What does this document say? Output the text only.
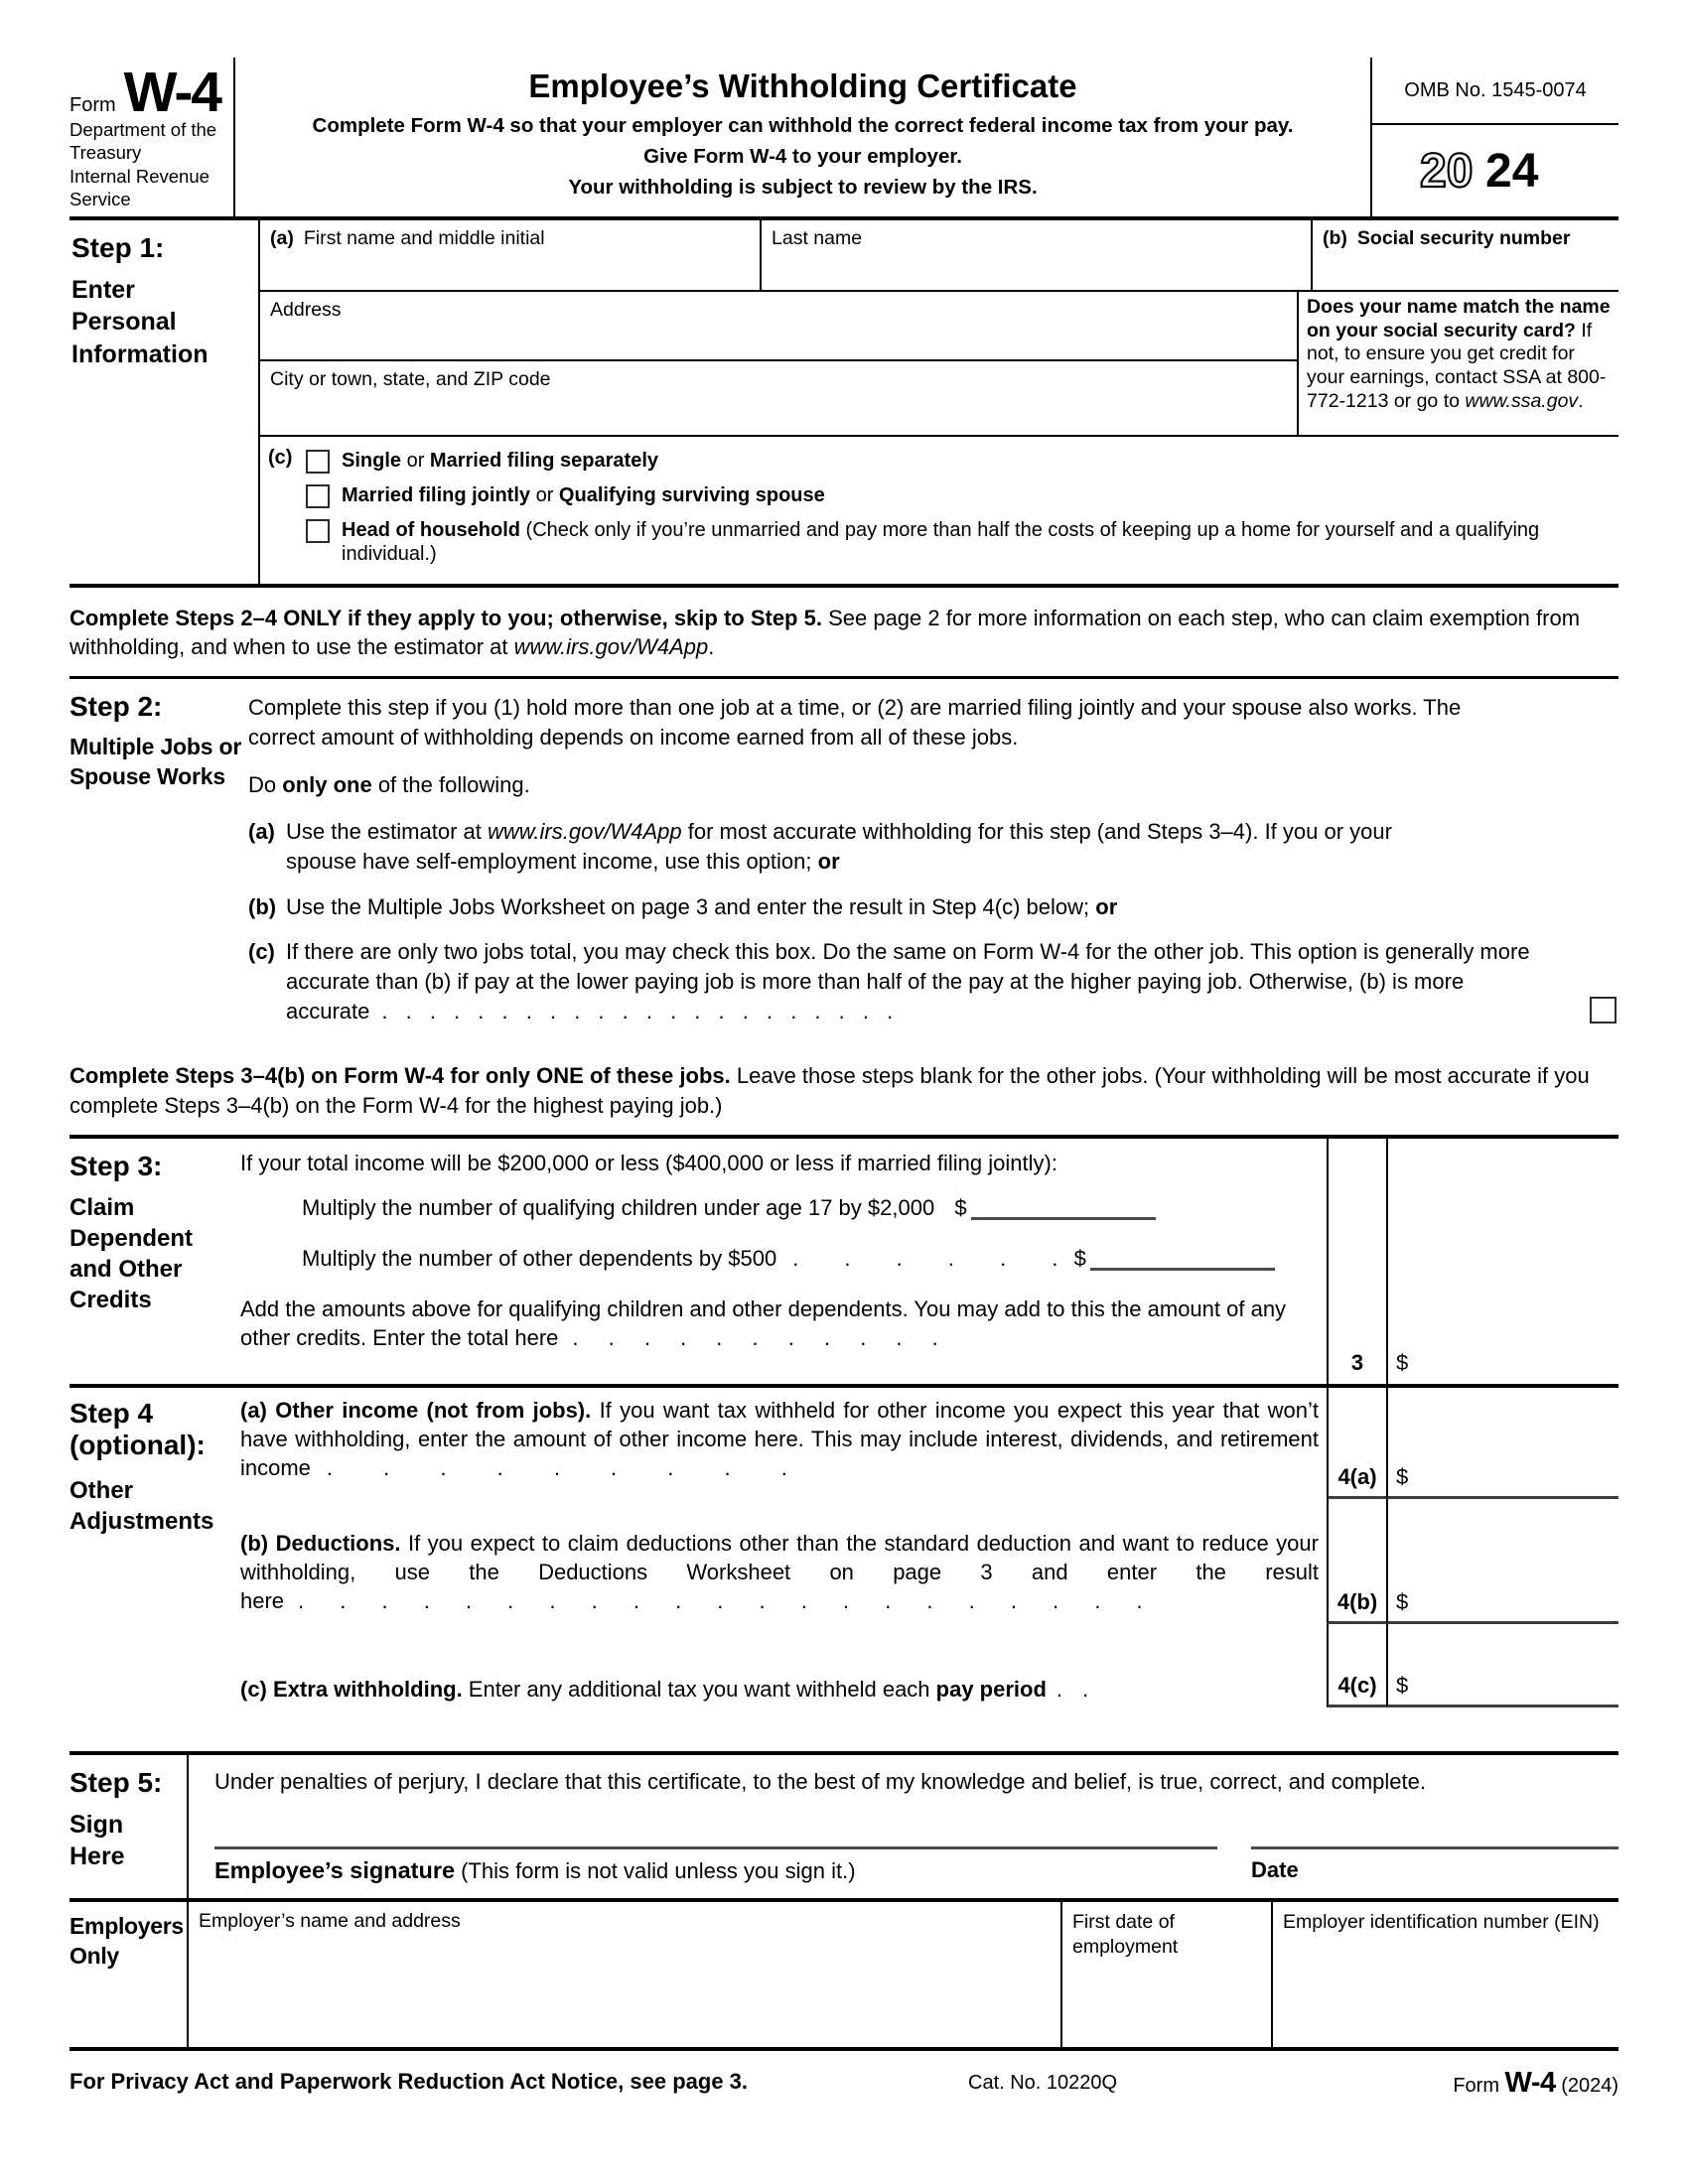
Form W-4
Department of the Treasury
Internal Revenue Service
Employee’s Withholding Certificate
Complete Form W-4 so that your employer can withhold the correct federal income tax from your pay.
Give Form W-4 to your employer.
Your withholding is subject to review by the IRS.
OMB No. 1545-0074
20 24
Step 1:
Enter Personal Information
(a) First name and middle initial	Last name	(b) Social security number
Address
City or town, state, and ZIP code
Does your name match the name on your social security card? If not, to ensure you get credit for your earnings, contact SSA at 800-772-1213 or go to www.ssa.gov.
(c)	Single or Married filing separately
Married filing jointly or Qualifying surviving spouse
Head of household (Check only if you’re unmarried and pay more than half the costs of keeping up a home for yourself and a qualifying individual.)
Complete Steps 2–4 ONLY if they apply to you; otherwise, skip to Step 5. See page 2 for more information on each step, who can claim exemption from withholding, and when to use the estimator at www.irs.gov/W4App.
Step 2:
Multiple Jobs or Spouse Works

Complete this step if you (1) hold more than one job at a time, or (2) are married filing jointly and your spouse also works. The correct amount of withholding depends on income earned from all of these jobs.

Do only one of the following.

(a) Use the estimator at www.irs.gov/W4App for most accurate withholding for this step (and Steps 3–4). If you or your spouse have self-employment income, use this option; or
(b) Use the Multiple Jobs Worksheet on page 3 and enter the result in Step 4(c) below; or
(c) If there are only two jobs total, you may check this box. Do the same on Form W-4 for the other job. This option is generally more accurate than (b) if pay at the lower paying job is more than half of the pay at the higher paying job. Otherwise, (b) is more accurate . . . . . . . . . . . . . . . . . . . . . .
Complete Steps 3–4(b) on Form W-4 for only ONE of these jobs. Leave those steps blank for the other jobs. (Your withholding will be most accurate if you complete Steps 3–4(b) on the Form W-4 for the highest paying job.)
Step 3:
Claim Dependent and Other Credits
If your total income will be $200,000 or less ($400,000 or less if married filing jointly):
Multiply the number of qualifying children under age 17 by $2,000 $
Multiply the number of other dependents by $500 . . . . . . $
Add the amounts above for qualifying children and other dependents. You may add to this the amount of any other credits. Enter the total here . . . . . . . . . . .
3	$
Step 4 (optional):
Other Adjustments
(a) Other income (not from jobs). If you want tax withheld for other income you expect this year that won’t have withholding, enter the amount of other income here. This may include interest, dividends, and retirement income . . . . . . . . .	4(a) $
(b) Deductions. If you expect to claim deductions other than the standard deduction and want to reduce your withholding, use the Deductions Worksheet on page 3 and enter the result here . . . . . . . . . . . . . . . . . . . . .	4(b) $
(c) Extra withholding. Enter any additional tax you want withheld each pay period . .	4(c) $
Step 5:
Sign Here
Under penalties of perjury, I declare that this certificate, to the best of my knowledge and belief, is true, correct, and complete.
Employee’s signature (This form is not valid unless you sign it.)	Date
Employers Only
Employer’s name and address	First date of employment
Employer identification number (EIN)
For Privacy Act and Paperwork Reduction Act Notice, see page 3.	Cat. No. 10220Q	Form W-4 (2024)
